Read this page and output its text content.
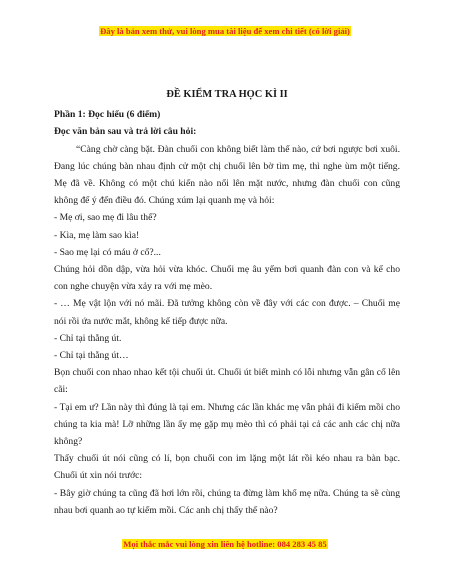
Đây là bản xem thử, vui lòng mua tài liệu để xem chi tiết (có lời giải)

ĐỀ KIỂM TRA HỌC KÌ II

Phần 1: Đọc hiểu (6 điểm)

Đọc văn bản sau và trả lời câu hỏi:

“Càng chờ càng bặt. Đàn chuối con không biết làm thế nào, cứ bơi ngược bơi xuôi. Đang lúc chúng bàn nhau định cử một chị chuối lên bờ tìm mẹ, thì nghe ùm một tiếng. Mẹ đã về. Không có một chú kiến nào nổi lên mặt nước, nhưng đàn chuối con cũng không để ý đến điều đó. Chúng xúm lại quanh mẹ và hỏi:

- Mẹ ơi, sao mẹ đi lâu thế?

- Kìa, mẹ làm sao kìa!

- Sao mẹ lại có máu ở cổ?...

Chúng hỏi dồn dập, vừa hỏi vừa khóc. Chuối mẹ âu yếm bơi quanh đàn con và kể cho con nghe chuyện vừa xảy ra với mẹ mèo.

- … Mẹ vật lộn với nó mãi. Đã tưởng không còn về đây với các con được. – Chuối mẹ nói rồi ứa nước mắt, không kể tiếp được nữa.

- Chỉ tại thằng út.

- Chỉ tại thằng út…

Bọn chuối con nhao nhao kết tội chuối út. Chuối út biết mình có lỗi nhưng vẫn gân cổ lên cãi:

- Tại em ư? Lần này thì đúng là tại em. Nhưng các lần khác mẹ vẫn phải đi kiếm mồi cho chúng ta kia mà! Lỡ những lần ấy mẹ gặp mụ mèo thì có phải tại cả các anh các chị nữa không?

Thấy chuối út nói cũng có lí, bọn chuối con im lặng một lát rồi kéo nhau ra bàn bạc. Chuối út xin nói trước:

- Bây giờ chúng ta cũng đã hơi lớn rồi, chúng ta đừng làm khổ mẹ nữa. Chúng ta sẽ cùng nhau bơi quanh ao tự kiếm mồi. Các anh chị thấy thế nào?

Mọi thắc mắc vui lòng xin liên hệ hotline: 084 283 45 85
